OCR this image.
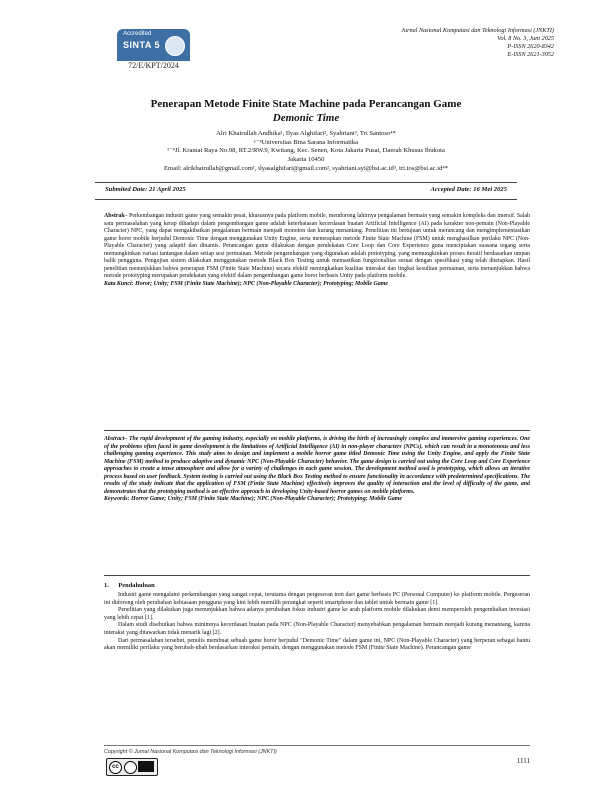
Accredited
SINTA 5
72/E/KPT/2024
Jurnal Nasional Komputasi dan Teknologi Informasi (JNKTI)
Vol. 8 No. 3, Juni 2025
P-ISSN 2620-8342
E-ISSN 2621-3052
Penerapan Metode Finite State Machine pada Perancangan Game
Demonic Time
Alri Khairullah Andhika¹, Ilyas Alghifari², Syahriani³, Tri Santoso⁴*
¹⁻⁴Universitas Bina Sarana Informatika
¹⁻⁴Jl. Kramat Raya No.98, RT.2/RW.9, Kwitang, Kec. Senen, Kota Jakarta Pusat, Daerah Khusus Ibukota
Jakarta 10450
Email: alrikhairullah@gmail.com¹, ilyasalghifari@gmail.com², syahriani.syi@bsi.ac.id³, tri.tos@bsi.ac.id⁴*
Submited Date: 21 April 2025	Accepted Date: 16 Mei 2025
Abstrak– Perkembangan industri game yang semakin pesat, khususnya pada platform mobile, mendorong lahirnya pengalaman bermain yang semakin kompleks dan imersif. Salah satu permasalahan yang kerap dihadapi dalam pengembangan game adalah keterbatasan kecerdasan buatan Artificial Intelligence (AI) pada karakter non-pemain (Non-Playable Character) NPC, yang dapat mengakibatkan pengalaman bermain menjadi monoton dan kurang menantang. Penelitian ini bertujuan untuk merancang dan mengimplementasikan game horor mobile berjudul Demonic Time dengan menggunakan Unity Engine, serta menerapkan metode Finite State Machine (FSM) untuk menghasilkan perilaku NPC (Non-Playable Character) yang adaptif dan dinamis. Perancangan game dilakukan dengan pendekatan Core Loop dan Core Experience guna menciptakan suasana tegang serta memungkinkan variasi tantangan dalam setiap sesi permainan. Metode pengembangan yang digunakan adalah prototyping, yang memungkinkan proses iteratif berdasarkan umpan balik pengguna. Pengujian sistem dilakukan menggunakan metode Black Box Testing untuk memastikan fungsionalitas sesuai dengan spesifikasi yang telah ditetapkan. Hasil penelitian menunjukkan bahwa penerapan FSM (Finite State Machine) secara efektif meningkatkan kualitas interaksi dan tingkat kesulitan permainan, serta menunjukkan bahwa metode prototyping merupakan pendekatan yang efektif dalam pengembangan game horor berbasis Unity pada platform mobile.
Kata Kunci: Horor; Unity; FSM (Finite State Machine); NPC (Non-Playable Character); Prototyping; Mobile Game
Abstract– The rapid development of the gaming industry, especially on mobile platforms, is driving the birth of increasingly complex and immersive gaming experiences. One of the problems often faced in game development is the limitations of Artificial Intelligence (AI) in non-player characters (NPCs), which can result in a monotonous and less challenging gaming experience. This study aims to design and implement a mobile horror game titled Demonic Time using the Unity Engine, and apply the Finite State Machine (FSM) method to produce adaptive and dynamic NPC (Non-Playable Character) behavior. The game design is carried out using the Core Loop and Core Experience approaches to create a tense atmosphere and allow for a variety of challenges in each game session. The development method used is prototyping, which allows an iterative process based on user feedback. System testing is carried out using the Black Box Testing method to ensure functionality in accordance with predetermined specifications. The results of the study indicate that the application of FSM (Finite State Machine) effectively improves the quality of interaction and the level of difficulty of the game, and demonstrates that the prototyping method is an effective approach in developing Unity-based horror games on mobile platforms.
Keywords: Horror Game; Unity; FSM (Finite State Machine); NPC (Non-Playable Character); Prototyping; Mobile Game
1. Pendahuluan

Industri game mengalami perkembangan yang sangat cepat, terutama dengan pergeseran tren dari game berbasis PC (Personal Computer) ke platform mobile. Pergeseran ini didorong oleh perubahan kebiasaan pengguna yang kini lebih memilih perangkat seperti smartphone dan tablet untuk bermain game [1].

Penelitian yang dilakukan juga menunjukkan bahwa adanya perubahan fokus industri game ke arah platform mobile dilakukan demi memperoleh pengembalian investasi yang lebih cepat [1].

Dalam studi disebutkan bahwa minimnya kecerdasan buatan pada NPC (Non-Playable Character) menyebabkan pengalaman bermain menjadi kurang menantang, karena interaksi yang ditawarkan tidak menarik lagi [2].

Dari permasalahan tersebut, penulis membuat sebuah game horor berjudul "Demonic Time" dalam game ini, NPC (Non-Playable Character) yang berperan sebagai hantu akan memiliki perilaku yang berubah-ubah berdasarkan interaksi pemain, dengan menggunakan metode FSM (Finite State Machine). Perancangan game

Copyright © Jurnal Nasional Komputasi dan Teknologi Informasi (JNKTI)
cc
1111
